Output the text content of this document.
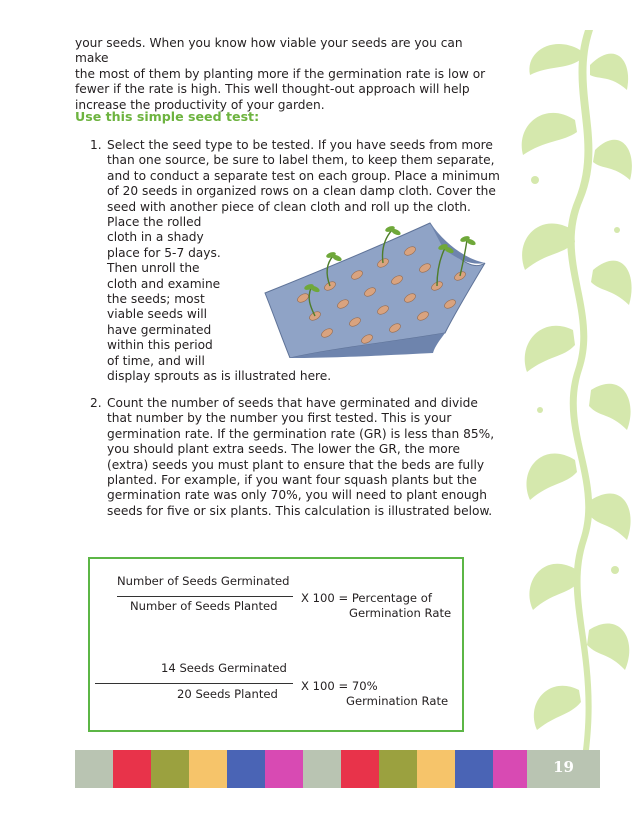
your seeds. When you know how viable your seeds are you can make
the most of them by planting more if the germination rate is low or
fewer if the rate is high. This well thought-out approach will help
increase the productivity of your garden.
Use this simple seed test:
1. Select the seed type to be tested. If you have seeds from more
than one source, be sure to label them, to keep them separate,
and to conduct a separate test on each group. Place a minimum
of 20 seeds in organized rows on a clean damp cloth. Cover the
seed with another piece of clean cloth and roll up the cloth.
Place the rolled
cloth in a shady
place for 5-7 days.
Then unroll the
cloth and examine
the seeds; most
viable seeds will
have germinated
within this period
of time, and will
display sprouts as is illustrated here.
2. Count the number of seeds that have germinated and divide
that number by the number you first tested. This is your
germination rate. If the germination rate (GR) is less than 85%,
you should plant extra seeds. The lower the GR, the more
(extra) seeds you must plant to ensure that the beds are fully
planted. For example, if you want four squash plants but the
germination rate was only 70%, you will need to plant enough
seeds for five or six plants. This calculation is illustrated below.
Number of Seeds Germinated
X 100 = Percentage of
Number of Seeds Planted	Germination Rate
14 Seeds Germinated
X 100 = 70%
20 Seeds Planted	Germination Rate
19
